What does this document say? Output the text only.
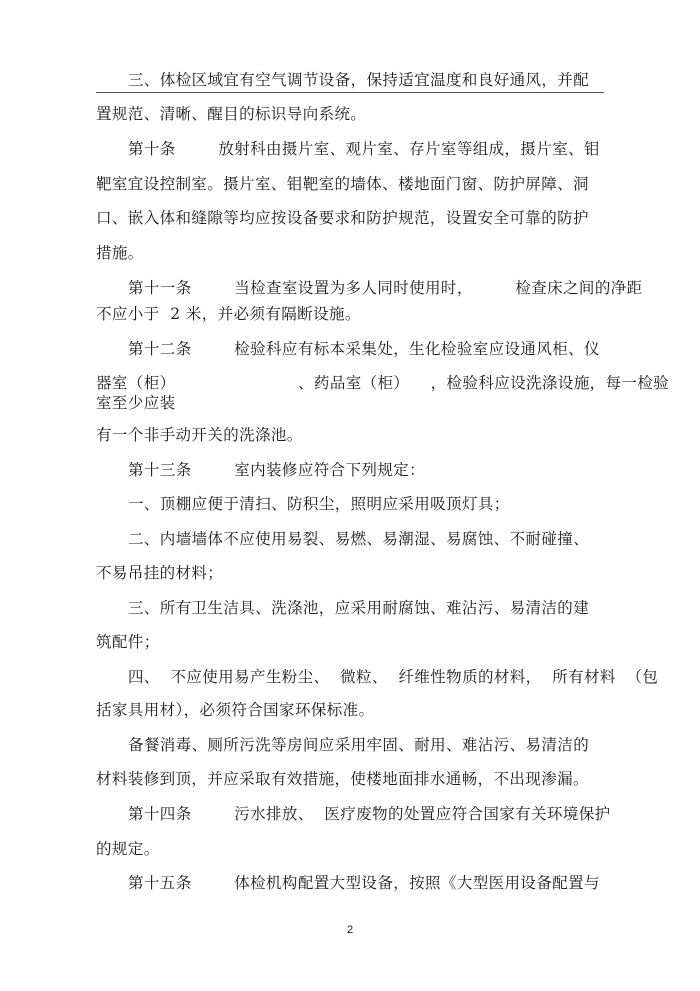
三、体检区域宜有空气调节设备，保持适宜温度和良好通风，并配
置规范、清晰、醒目的标识导向系统。
第十条        放射科由摄片室、观片室、存片室等组成，摄片室、钼
靶室宜设控制室。摄片室、钼靶室的墙体、楼地面门窗、防护屏障、洞
口、嵌入体和缝隙等均应按设备要求和防护规范，设置安全可靠的防护
措施。
第十一条        当检查室设置为多人同时使用时，        检查床之间的净距
不应小于  2 米，并必须有隔断设施。
第十二条        检验科应有标本采集处，生化检验室应设通风柜、仪
器室（柜）                       、药品室（柜）    ，检验科应设洗涤设施，每一检验
室至少应装
有一个非手动开关的洗涤池。
第十三条        室内装修应符合下列规定：
一、顶棚应便于清扫、防积尘，照明应采用吸顶灯具；
二、内墙墙体不应使用易裂、易燃、易潮湿、易腐蚀、不耐碰撞、
不易吊挂的材料；
三、所有卫生洁具、洗涤池，应采用耐腐蚀、难沾污、易清洁的建
筑配件；
四、  不应使用易产生粉尘、  微粒、  纤维性物质的材料，  所有材料  （包
括家具用材），必须符合国家环保标准。
备餐消毒、厕所污洗等房间应采用牢固、耐用、难沾污、易清洁的
材料装修到顶，并应采取有效措施，使楼地面排水通畅，不出现渗漏。
第十四条        污水排放、  医疗废物的处置应符合国家有关环境保护
的规定。
第十五条        体检机构配置大型设备，按照《大型医用设备配置与
2
